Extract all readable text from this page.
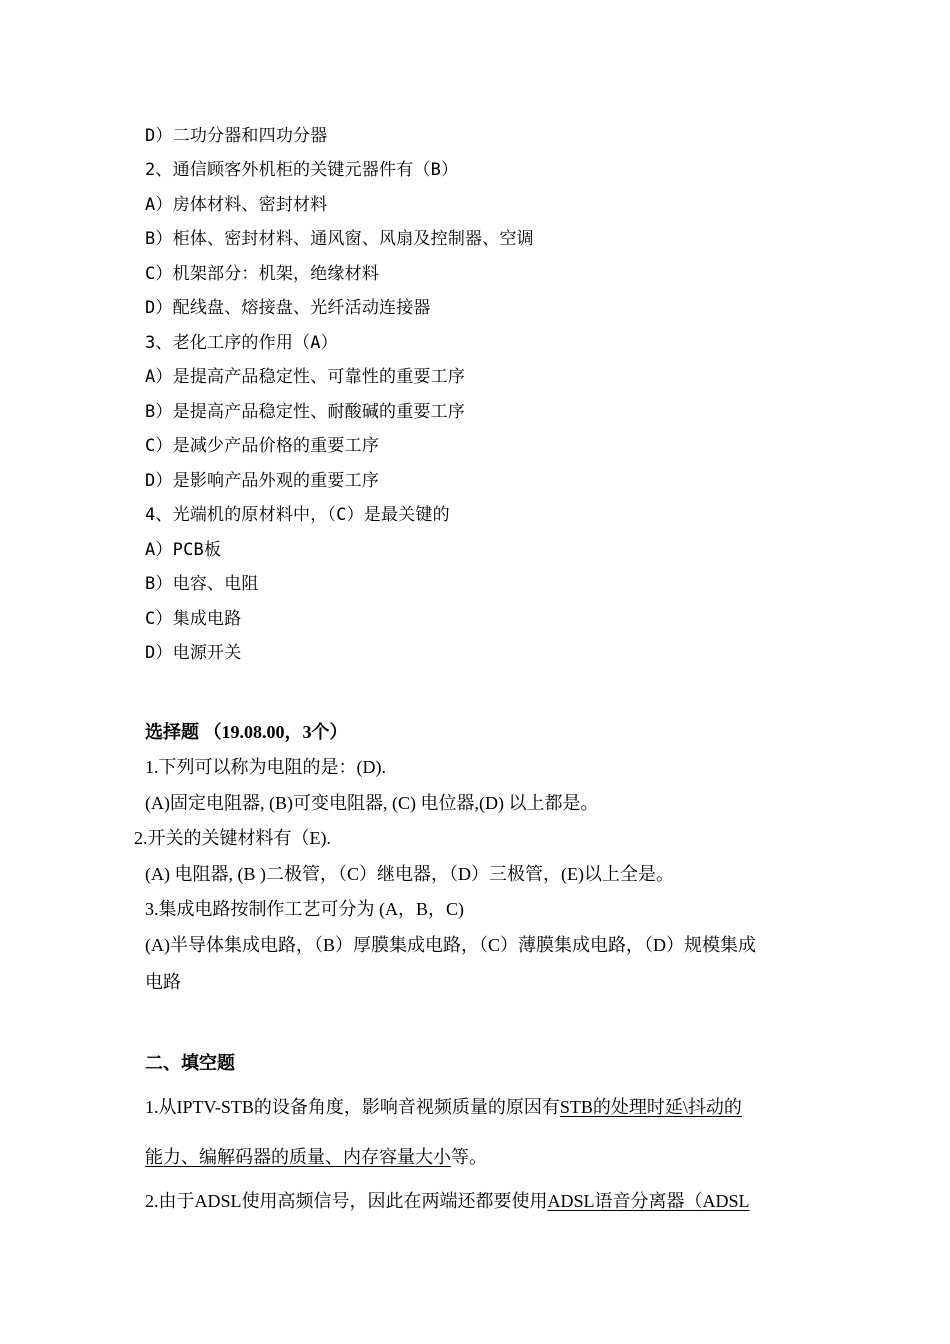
D）二功分器和四功分器
2、通信顾客外机柜的关键元器件有（B）
A）房体材料、密封材料
B）柜体、密封材料、通风窗、风扇及控制器、空调
C）机架部分：机架，绝缘材料
D）配线盘、熔接盘、光纤活动连接器
3、老化工序的作用（A）
A）是提高产品稳定性、可靠性的重要工序
B）是提高产品稳定性、耐酸碱的重要工序
C）是减少产品价格的重要工序
D）是影响产品外观的重要工序
4、光端机的原材料中，（C）是最关键的
A）PCB板
B）电容、电阻
C）集成电路
D）电源开关
选择题 （19.08.00，3个）
1.下列可以称为电阻的是：(D).
(A)固定电阻器, (B)可变电阻器, (C) 电位器,(D) 以上都是。
2.开关的关键材料有（E).
(A) 电阻器, (B )二极管，（C）继电器，（D）三极管，(E)以上全是。
3.集成电路按制作工艺可分为 (A，B，C)
(A)半导体集成电路，（B）厚膜集成电路，（C）薄膜集成电路，（D）规模集成
电路
二、填空题
1.从IPTV-STB的设备角度，影响音视频质量的原因有STB的处理时延\抖动的
能力、编解码器的质量、内存容量大小等。
2.由于ADSL使用高频信号，因此在两端还都要使用ADSL语音分离器（ADSL
